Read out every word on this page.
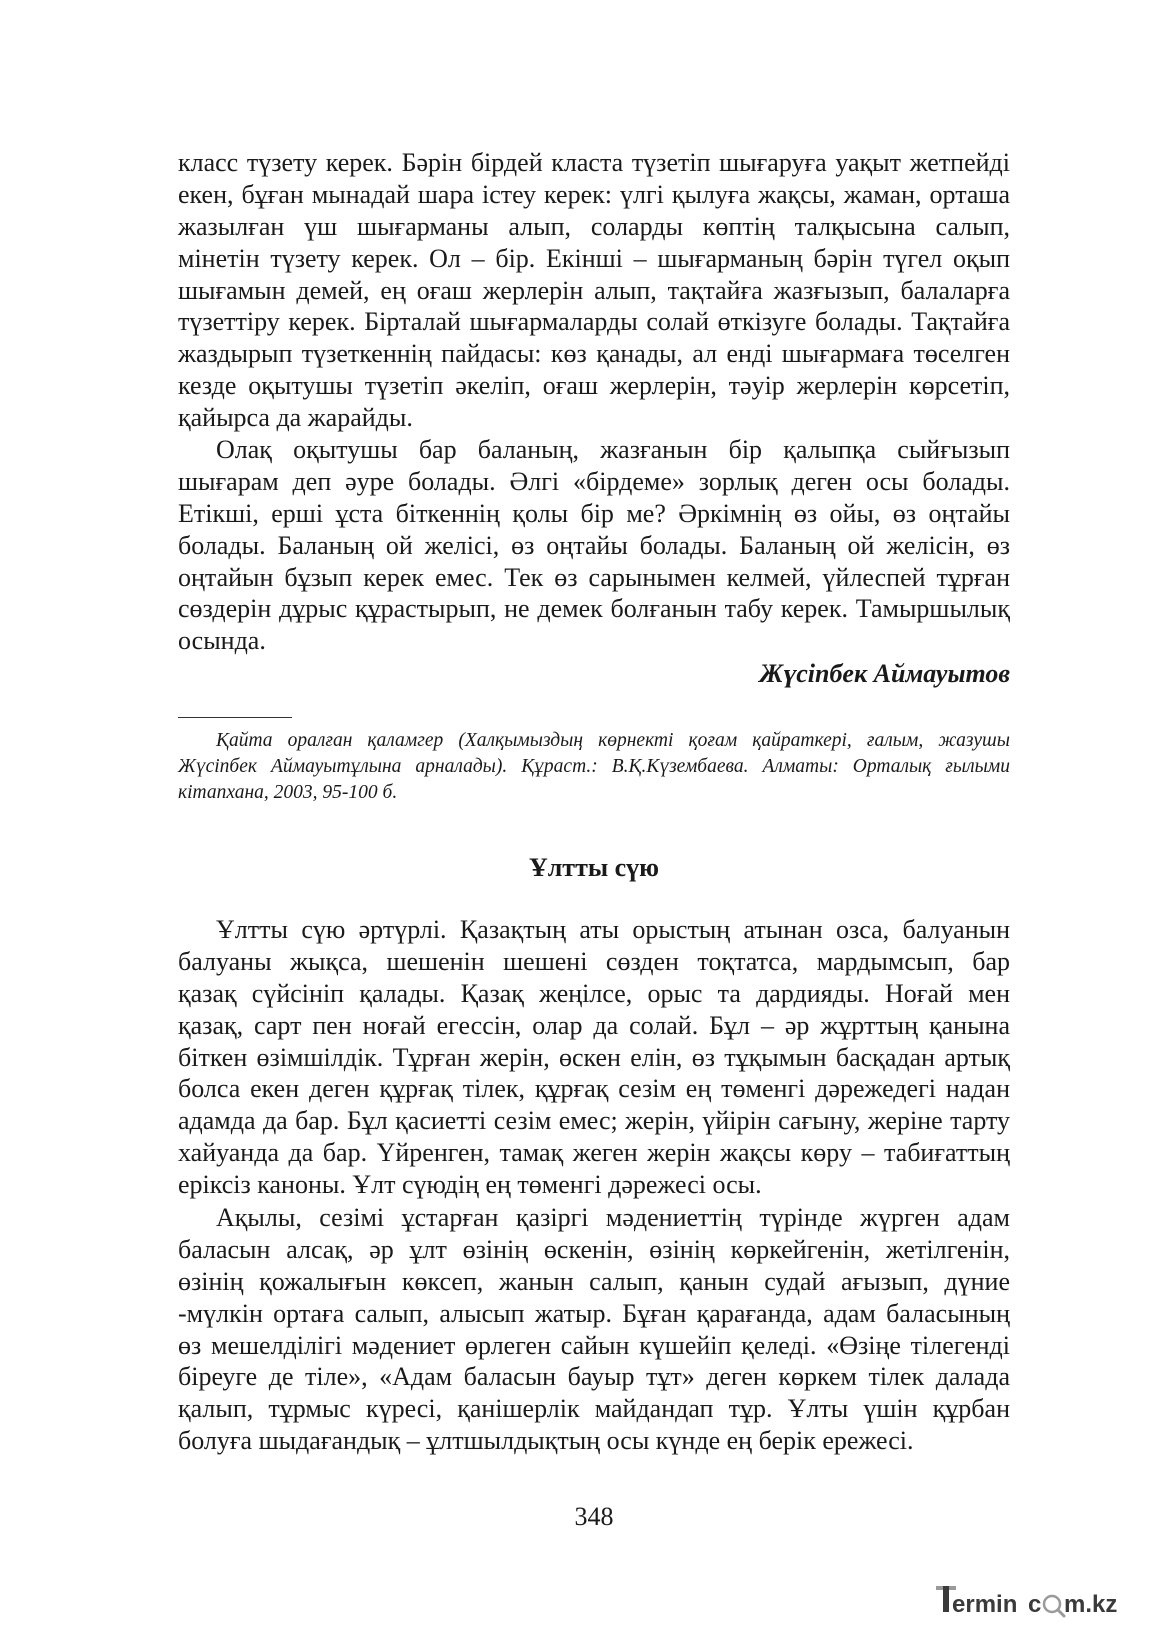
класс түзету керек. Бәрін бірдей класта түзетіп шығаруға уақыт жетпейді
екен, бұған мынадай шара істеу керек: үлгі қылуға жақсы, жаман, орташа
жазылған үш шығарманы алып, соларды көптің талқысына салып,
мінетін түзету керек. Ол – бір. Екінші – шығарманың бәрін түгел оқып
шығамын демей, ең оғаш жерлерін алып, тақтайға жазғызып, балаларға
түзеттіру керек. Бірталай шығармаларды солай өткізуге болады. Тақтайға
жаздырып түзеткеннің пайдасы: көз қанады, ал енді шығармаға төселген
кезде оқытушы түзетіп әкеліп, оғаш жерлерін, тәуір жерлерін көрсетіп,
қайырса да жарайды.
Олақ оқытушы бар баланың, жазғанын бір қалыпқа сыйғызып
шығарам деп әуре болады. Әлгі «бірдеме» зорлық деген осы болады.
Етікші, ерші ұста біткеннің қолы бір ме? Әркімнің өз ойы, өз оңтайы
болады. Баланың ой желісі, өз оңтайы болады. Баланың ой желісін, өз
оңтайын бұзып керек емес. Тек өз сарынымен келмей, үйлеспей тұрған
сөздерін дұрыс құрастырып, не демек болғанын табу керек. Тамыршылық
осында.
Жүсіпбек Аймауытов
Қайта оралған қаламгер (Халқымыздың көрнекті қоғам қайраткері, ғалым, жазушы
Жүсіпбек Аймауытұлына арналады). Құраст.: В.Қ.Күзембаева. Алматы: Орталық ғылыми
кітапхана, 2003, 95-100 б.
Ұлтты сүю
Ұлтты сүю әртүрлі. Қазақтың аты орыстың атынан озса, балуанын
балуаны жықса, шешенін шешені сөзден тоқтатса, мардымсып, бар
қазақ сүйсініп қалады. Қазақ жеңілсе, орыс та дардияды. Ноғай мен
қазақ, сарт пен ноғай егессін, олар да солай. Бұл – әр жұрттың қанына
біткен өзімшілдік. Тұрған жерін, өскен елін, өз тұқымын басқадан артық
болса екен деген құрғақ тілек, құрғақ сезім ең төменгі дәрежедегі надан
адамда да бар. Бұл қасиетті сезім емес; жерін, үйірін сағыну, жеріне тарту
хайуанда да бар. Үйренген, тамақ жеген жерін жақсы көру – табиғаттың
еріксіз каноны. Ұлт сүюдің ең төменгі дәрежесі осы.
Ақылы, сезімі ұстарған қазіргі мәдениеттің түрінде жүрген адам
баласын алсақ, әр ұлт өзінің өскенін, өзінің көркейгенін, жетілгенін,
өзінің қожалығын көксеп, жанын салып, қанын судай ағызып, дүние
-мүлкін ортаға салып, алысып жатыр. Бұған қарағанда, адам баласының
өз мешелділігі мәдениет өрлеген сайын күшейіп қеледі. «Өзіңе тілегенді
біреуге де тіле», «Адам баласын бауыр тұт» деген көркем тілек далада
қалып, тұрмыс күресі, қанішерлік майдандап тұр. Ұлты үшін құрбан
болуға шыдағандық – ұлтшылдықтың осы күнде ең берік ережесі.
348
ermin c m.kz
